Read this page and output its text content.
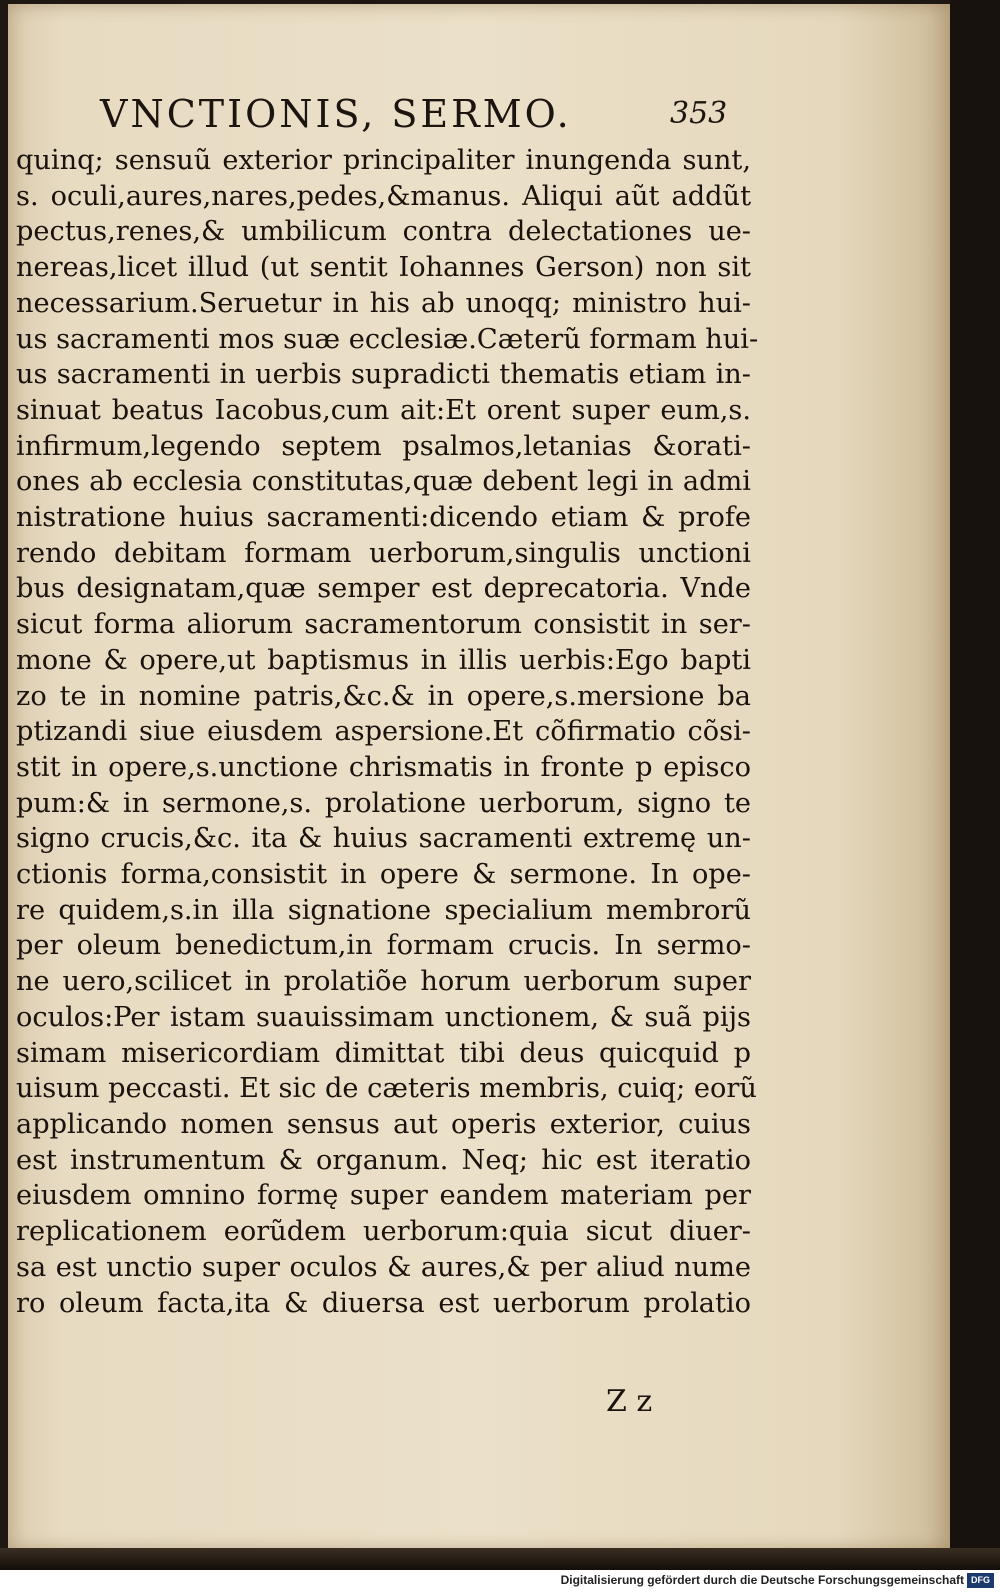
VNCTIONIS, SERMO.	353
quinq; sensuũ exterior principaliter inungenda sunt,
s. oculi,aures,nares,pedes,&manus. Aliqui aũt addũt
pectus,renes,& umbilicum contra delectationes ue-
nereas,licet illud (ut sentit Iohannes Gerson) non sit
necessarium.Seruetur in his ab unoqq; ministro hui-
us sacramenti mos suæ ecclesiæ.Cæterũ formam hui-
us sacramenti in uerbis supradicti thematis etiam in-
sinuat beatus Iacobus,cum ait:Et orent super eum,s.
infirmum,legendo septem psalmos,letanias &orati-
ones ab ecclesia constitutas,quæ debent legi in admi
nistratione huius sacramenti:dicendo etiam & profe
rendo debitam formam uerborum,singulis unctioni
bus designatam,quæ semper est deprecatoria. Vnde
sicut forma aliorum sacramentorum consistit in ser-
mone & opere,ut baptismus in illis uerbis:Ego bapti
zo te in nomine patris,&c.& in opere,s.mersione ba
ptizandi siue eiusdem aspersione.Et cõfirmatio cõsi-
stit in opere,s.unctione chrismatis in fronte p episco
pum:& in sermone,s. prolatione uerborum, signo te
signo crucis,&c. ita & huius sacramenti extremę un-
ctionis forma,consistit in opere & sermone. In ope-
re quidem,s.in illa signatione specialium membrorũ
per oleum benedictum,in formam crucis. In sermo-
ne uero,scilicet in prolatiõe horum uerborum super
oculos:Per istam suauissimam unctionem, & suã pijs
simam misericordiam dimittat tibi deus quicquid p
uisum peccasti. Et sic de cæteris membris, cuiq; eorũ
applicando nomen sensus aut operis exterior, cuius
est instrumentum & organum. Neq; hic est iteratio
eiusdem omnino formę super eandem materiam per
replicationem eorũdem uerborum:quia sicut diuer-
sa est unctio super oculos & aures,& per aliud nume
ro oleum facta,ita & diuersa est uerborum prolatio
Z z
Digitalisierung gefördert durch die Deutsche Forschungsgemeinschaft DFG
